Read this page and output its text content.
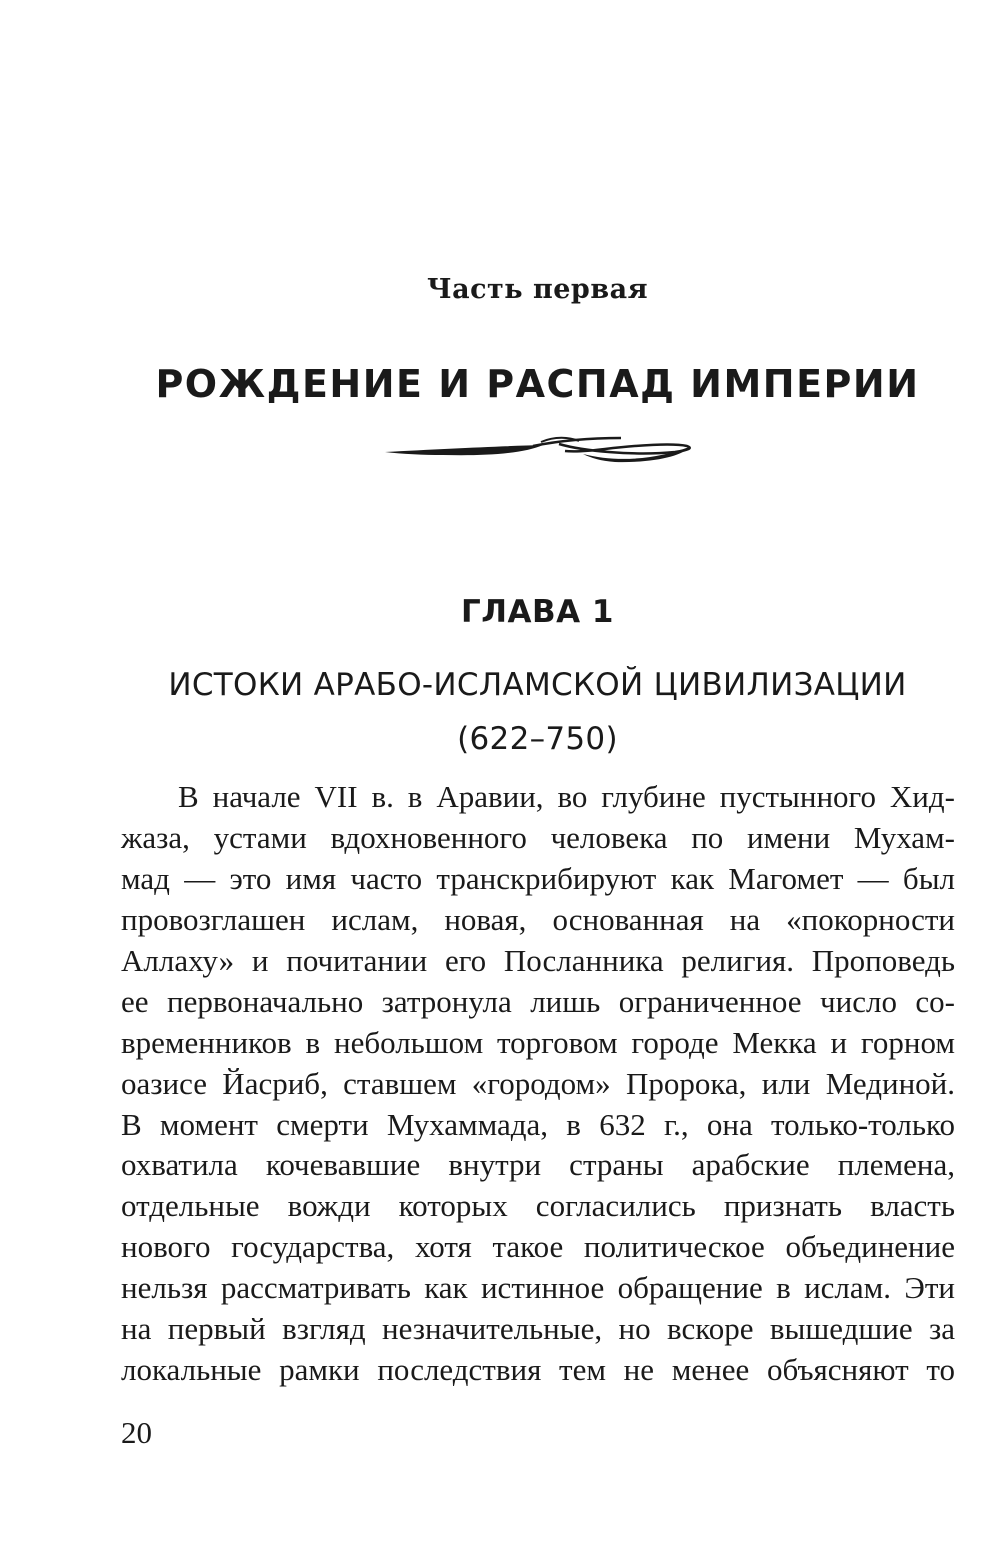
Часть первая
РОЖДЕНИЕ И РАСПАД ИМПЕРИИ
ГЛАВА 1
ИСТОКИ АРАБО-ИСЛАМСКОЙ ЦИВИЛИЗАЦИИ
(622–750)
В начале VII в. в Аравии, во глубине пустынного Хид-
жаза, устами вдохновенного человека по имени Мухам-
мад — это имя часто транскрибируют как Магомет — был
провозглашен ислам, новая, основанная на «покорности
Аллаху» и почитании его Посланника религия. Проповедь
ее первоначально затронула лишь ограниченное число со-
временников в небольшом торговом городе Мекка и горном
оазисе Йасриб, ставшем «городом» Пророка, или Мединой.
В момент смерти Мухаммада, в 632 г., она только-только
охватила кочевавшие внутри страны арабские племена,
отдельные вожди которых согласились признать власть
нового государства, хотя такое политическое объединение
нельзя рассматривать как истинное обращение в ислам. Эти
на первый взгляд незначительные, но вскоре вышедшие за
локальные рамки последствия тем не менее объясняют то
20
